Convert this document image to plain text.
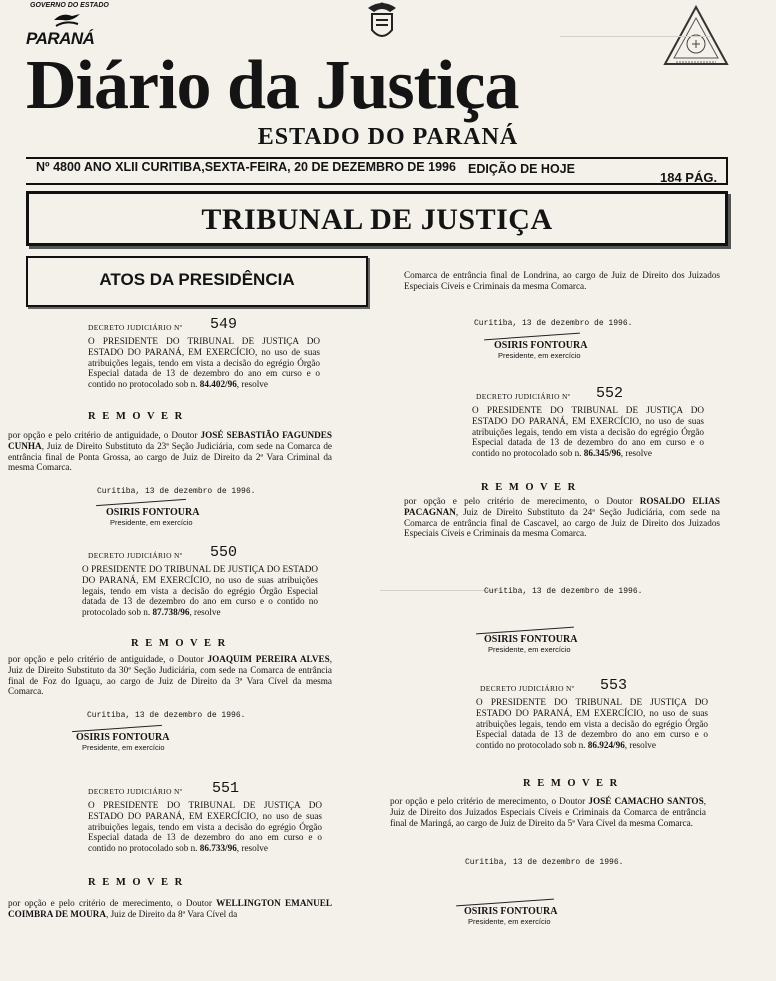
GOVERNO DO ESTADO
PARANÁ
Diário da Justiça
ESTADO DO PARANÁ
Nº 4800 ANO XLII CURITIBA,SEXTA-FEIRA, 20 DE DEZEMBRO DE 1996 EDIÇÃO DE HOJE
184 PÁG.
TRIBUNAL DE JUSTIÇA
ATOS DA PRESIDÊNCIA
DECRETO JUDICIÁRIO Nº 549
O PRESIDENTE DO TRIBUNAL DE JUSTIÇA DO ESTADO DO PARANÁ, EM EXERCÍCIO, no uso de suas atribuições legais, tendo em vista a decisão do egrégio Órgão Especial datada de 13 de dezembro do ano em curso e o contido no protocolado sob n. 84.402/96, resolve
R E M O V E R
por opção e pelo critério de antiguidade, o Doutor JOSÉ SEBASTIÃO FAGUNDES CUNHA, Juiz de Direito Substituto da 23ª Seção Judiciária, com sede na Comarca de entrância final de Ponta Grossa, ao cargo de Juiz de Direito da 2ª Vara Criminal da mesma Comarca.
Curitiba, 13 de dezembro de 1996.
OSIRIS FONTOURA
Presidente, em exercício
DECRETO JUDICIÁRIO Nº 550
O PRESIDENTE DO TRIBUNAL DE JUSTIÇA DO ESTADO DO PARANÁ, EM EXERCÍCIO, no uso de suas atribuições legais, tendo em vista a decisão do egrégio Órgão Especial datada de 13 de dezembro do ano em curso e o contido no protocolado sob n. 87.738/96, resolve
R E M O V E R
por opção e pelo critério de antiguidade, o Doutor JOAQUIM PEREIRA ALVES, Juiz de Direito Substituto da 30ª Seção Judiciária, com sede na Comarca de entrância final de Foz do Iguaçu, ao cargo de Juiz de Direito da 3ª Vara Cível da mesma Comarca.
Curitiba, 13 de dezembro de 1996.
OSIRIS FONTOURA
Presidente, em exercício
DECRETO JUDICIÁRIO Nº 551
O PRESIDENTE DO TRIBUNAL DE JUSTIÇA DO ESTADO DO PARANÁ, EM EXERCÍCIO, no uso de suas atribuições legais, tendo em vista a decisão do egrégio Órgão Especial datada de 13 de dezembro do ano em curso e o contido no protocolado sob n. 86.733/96, resolve
R E M O V E R
por opção e pelo critério de merecimento, o Doutor WELLINGTON EMANUEL COIMBRA DE MOURA, Juiz de Direito da 8ª Vara Cível da
Comarca de entrância final de Londrina, ao cargo de Juiz de Direito dos Juizados Especiais Cíveis e Criminais da mesma Comarca.
Curitiba, 13 de dezembro de 1996.
OSIRIS FONTOURA
Presidente, em exercício
DECRETO JUDICIÁRIO Nº 552
O PRESIDENTE DO TRIBUNAL DE JUSTIÇA DO ESTADO DO PARANÁ, EM EXERCÍCIO, no uso de suas atribuições legais, tendo em vista a decisão do egrégio Órgão Especial datada de 13 de dezembro do ano em curso e o contido no protocolado sob n. 86.345/96, resolve
R E M O V E R
por opção e pelo critério de merecimento, o Doutor ROSALDO ELIAS PACAGNAN, Juiz de Direito Substituto da 24ª Seção Judiciária, com sede na Comarca de entrância final de Cascavel, ao cargo de Juiz de Direito dos Juizados Especiais Cíveis e Criminais da mesma Comarca.
Curitiba, 13 de dezembro de 1996.
OSIRIS FONTOURA
Presidente, em exercício
DECRETO JUDICIÁRIO Nº 553
O PRESIDENTE DO TRIBUNAL DE JUSTIÇA DO ESTADO DO PARANÁ, EM EXERCÍCIO, no uso de suas atribuições legais, tendo em vista a decisão do egrégio Órgão Especial datada de 13 de dezembro do ano em curso e o contido no protocolado sob n. 86.924/96, resolve
R E M O V E R
por opção e pelo critério de merecimento, o Doutor JOSÉ CAMACHO SANTOS, Juiz de Direito dos Juizados Especiais Cíveis e Criminais da Comarca de entrância final de Maringá, ao cargo de Juiz de Direito da 5ª Vara Cível da mesma Comarca.
Curitiba, 13 de dezembro de 1996.
OSIRIS FONTOURA
Presidente, em exercício
